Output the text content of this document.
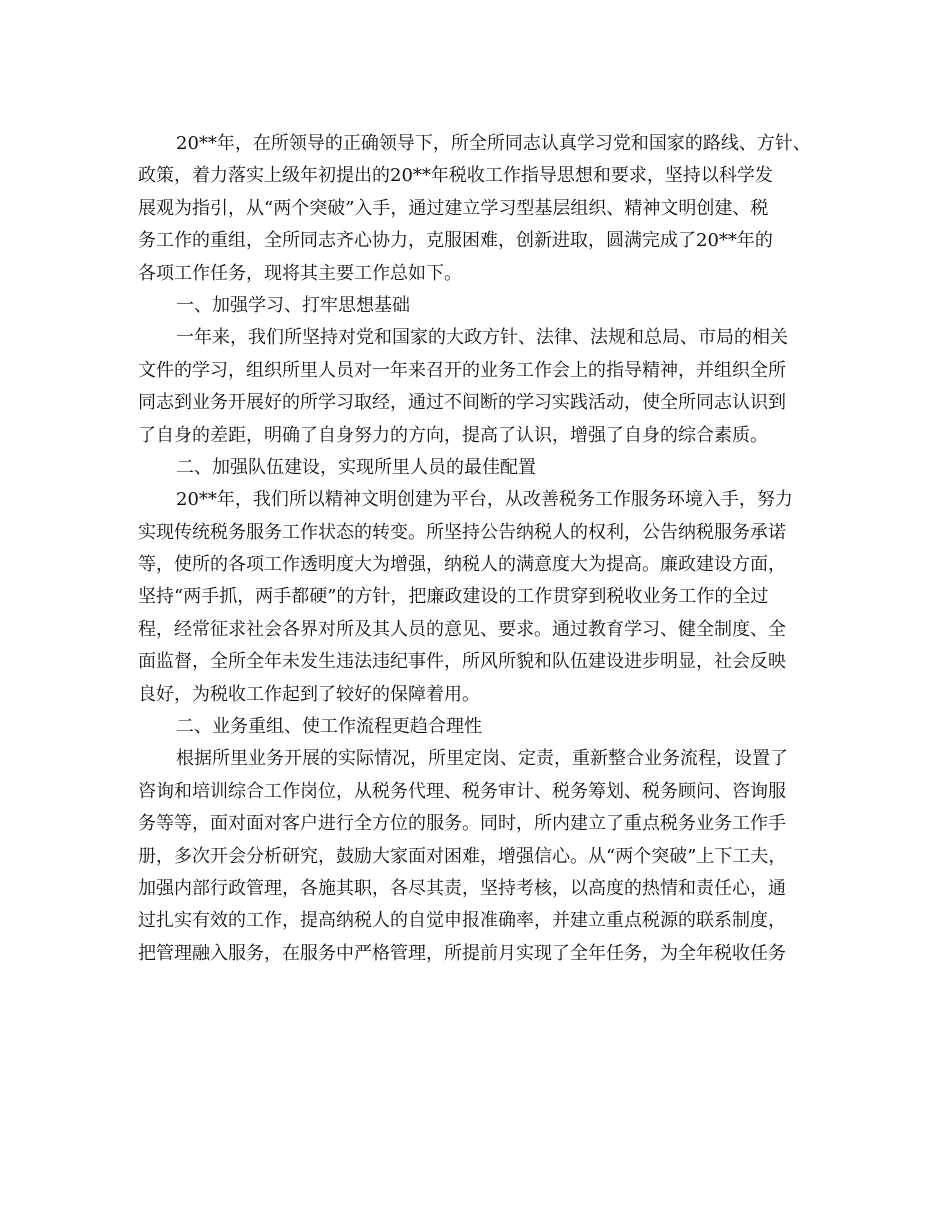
20**年，在所领导的正确领导下，所全所同志认真学习党和国家的路线、方针、
政策，着力落实上级年初提出的20**年税收工作指导思想和要求，坚持以科学发
展观为指引，从“两个突破”入手，通过建立学习型基层组织、精神文明创建、税
务工作的重组，全所同志齐心协力，克服困难，创新进取，圆满完成了20**年的
各项工作任务，现将其主要工作总如下。
一、加强学习、打牢思想基础
一年来，我们所坚持对党和国家的大政方针、法律、法规和总局、市局的相关
文件的学习，组织所里人员对一年来召开的业务工作会上的指导精神，并组织全所
同志到业务开展好的所学习取经，通过不间断的学习实践活动，使全所同志认识到
了自身的差距，明确了自身努力的方向，提高了认识，增强了自身的综合素质。
二、加强队伍建设，实现所里人员的最佳配置
20**年，我们所以精神文明创建为平台，从改善税务工作服务环境入手，努力
实现传统税务服务工作状态的转变。所坚持公告纳税人的权利，公告纳税服务承诺
等，使所的各项工作透明度大为增强，纳税人的满意度大为提高。廉政建设方面，
坚持“两手抓，两手都硬”的方针，把廉政建设的工作贯穿到税收业务工作的全过
程，经常征求社会各界对所及其人员的意见、要求。通过教育学习、健全制度、全
面监督，全所全年未发生违法违纪事件，所风所貌和队伍建设进步明显，社会反映
良好，为税收工作起到了较好的保障着用。
二、业务重组、使工作流程更趋合理性
根据所里业务开展的实际情况，所里定岗、定责，重新整合业务流程，设置了
咨询和培训综合工作岗位，从税务代理、税务审计、税务筹划、税务顾问、咨询服
务等等，面对面对客户进行全方位的服务。同时，所内建立了重点税务业务工作手
册，多次开会分析研究，鼓励大家面对困难，增强信心。从“两个突破”上下工夫，
加强内部行政管理，各施其职，各尽其责，坚持考核，以高度的热情和责任心，通
过扎实有效的工作，提高纳税人的自觉申报准确率，并建立重点税源的联系制度，
把管理融入服务，在服务中严格管理，所提前月实现了全年任务，为全年税收任务
